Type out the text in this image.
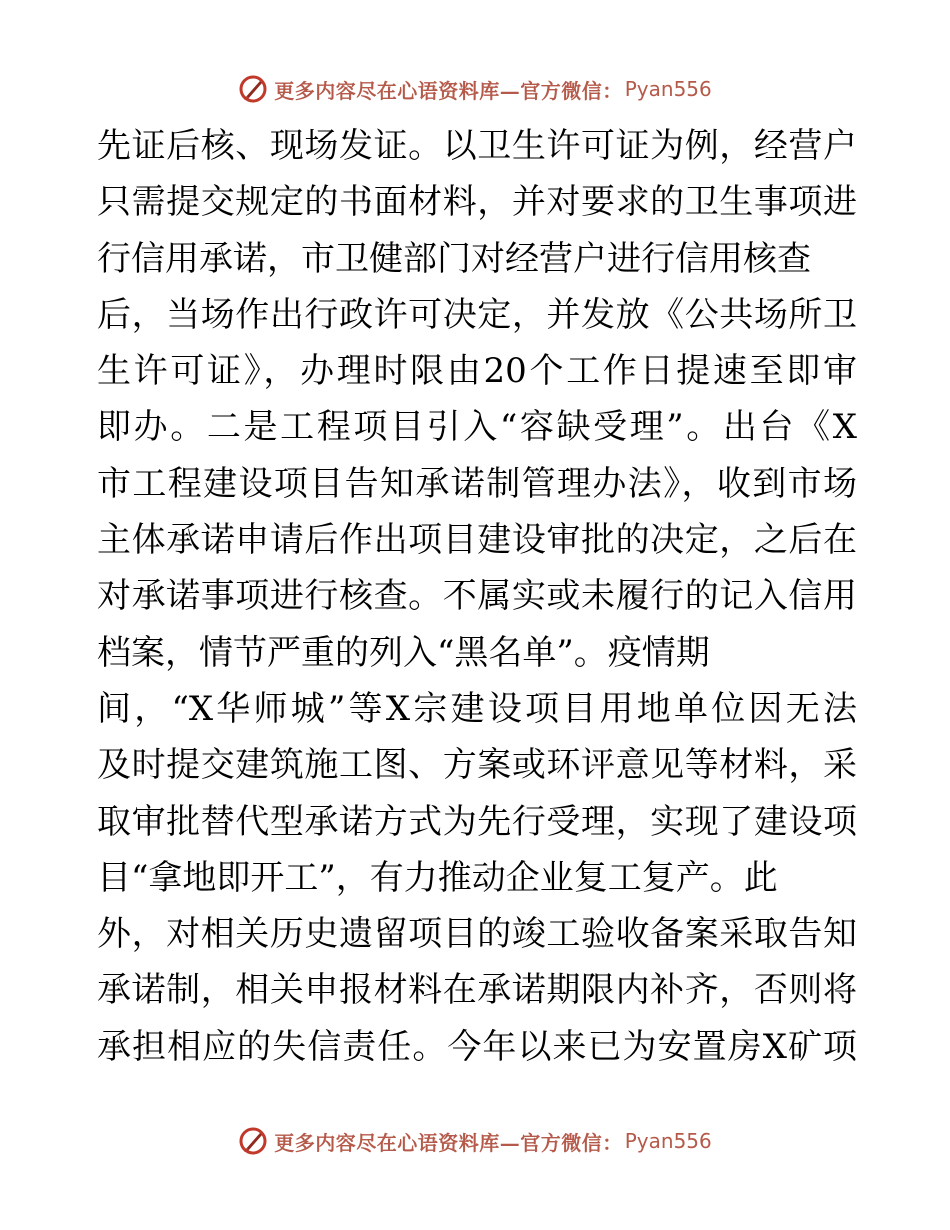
更多内容尽在心语资料库—官方微信： Pyan556
先证后核、现场发证。以卫生许可证为例，经营户
只需提交规定的书面材料，并对要求的卫生事项进
行信用承诺，市卫健部门对经营户进行信用核查
后，当场作出行政许可决定，并发放《公共场所卫
生许可证》，办理时限由20个工作日提速至即审
即办。二是工程项目引入“容缺受理”。出台《X
市工程建设项目告知承诺制管理办法》，收到市场
主体承诺申请后作出项目建设审批的决定，之后在
对承诺事项进行核查。不属实或未履行的记入信用
档案，情节严重的列入“黑名单”。疫情期
间，“X华师城”等X宗建设项目用地单位因无法
及时提交建筑施工图、方案或环评意见等材料，采
取审批替代型承诺方式为先行受理，实现了建设项
目“拿地即开工”，有力推动企业复工复产。此
外，对相关历史遗留项目的竣工验收备案采取告知
承诺制，相关申报材料在承诺期限内补齐，否则将
承担相应的失信责任。今年以来已为安置房X矿项
更多内容尽在心语资料库—官方微信： Pyan556
